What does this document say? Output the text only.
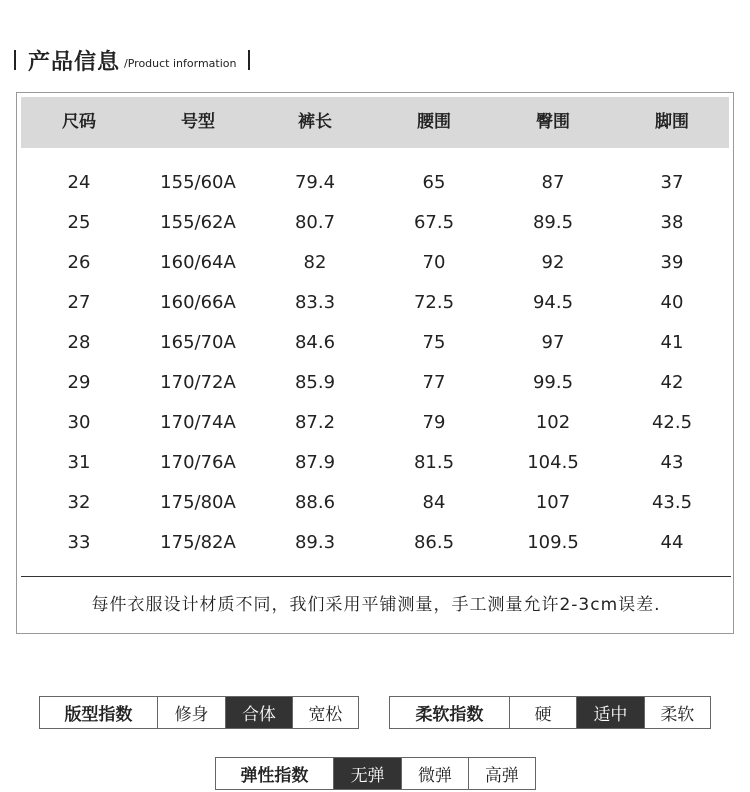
产品信息 /Product information
尺码	号型	裤长	腰围	臀围	脚围
24	155/60A	79.4	65	87	37
25	155/62A	80.7	67.5	89.5	38
26	160/64A	82	70	92	39
27	160/66A	83.3	72.5	94.5	40
28	165/70A	84.6	75	97	41
29	170/72A	85.9	77	99.5	42
30	170/74A	87.2	79	102	42.5
31	170/76A	87.9	81.5	104.5	43
32	175/80A	88.6	84	107	43.5
33	175/82A	89.3	86.5	109.5	44
每件衣服设计材质不同，我们采用平铺测量，手工测量允许2-3cm误差.
版型指数	修身	合体	宽松	柔软指数	硬	适中	柔软
弹性指数	无弹	微弹	高弹
